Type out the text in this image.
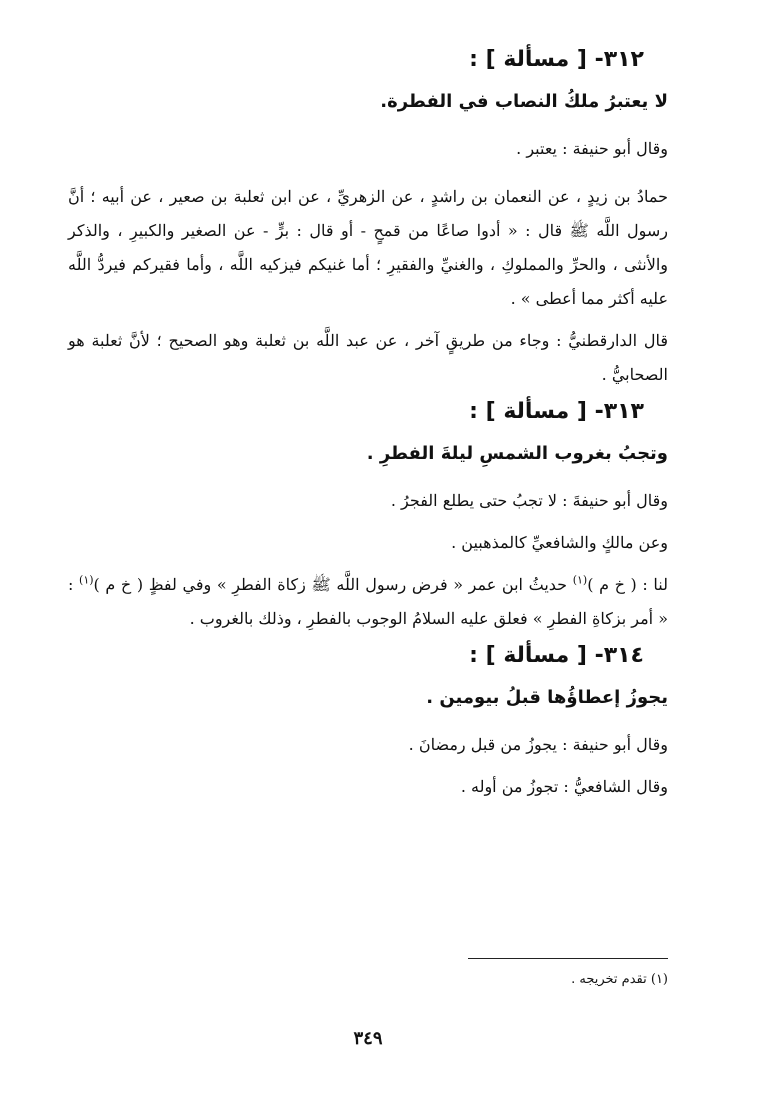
٣١٢- [ مسألة ] :

لا يعتبرُ ملكُ النصاب في الفطرة.

وقال أبو حنيفة : يعتبر .

حمادُ بن زيدٍ ، عن النعمان بن راشدٍ ، عن الزهريِّ ، عن ابن ثعلبة بن صعير ، عن أبيه ؛ أنَّ رسول اللَّه ﷺ قال : « أدوا صاعًا من قمحٍ - أو قال : برٍّ - عن الصغير والكبيرِ ، والذكر والأنثى ، والحرِّ والمملوكِ ، والغنيِّ والفقيرِ ؛ أما غنيكم فيزكيه اللَّه ، وأما فقيركم فيردُّ اللَّه عليه أكثر مما أعطى » .

قال الدارقطنيُّ : وجاء من طريقٍ آخر ، عن عبد اللَّه بن ثعلبة وهو الصحيح ؛ لأنَّ ثعلبة هو الصحابيُّ .

٣١٣- [ مسألة ] :

وتجبُ بغروب الشمسِ ليلةَ الفطرِ .

وقال أبو حنيفةَ : لا تجبُ حتى يطلع الفجرُ .

وعن مالكٍ والشافعيِّ كالمذهبين .

لنا : ( خ م )$^{(١)}$ حديثُ ابن عمر « فرض رسول اللَّه ﷺ زكاة الفطرِ » وفي لفظٍ ( خ م )$^{(١)}$ : « أمر بزكاةِ الفطرِ » فعلق عليه السلامُ الوجوب بالفطرِ ، وذلك بالغروب .

٣١٤- [ مسألة ] :

يجوزُ إعطاؤُها قبلُ بيومين .

وقال أبو حنيفة : يجوزُ من قبل رمضانَ .

وقال الشافعيُّ : تجوزُ من أوله .

(١) تقدم تخريجه .

٣٤٩
